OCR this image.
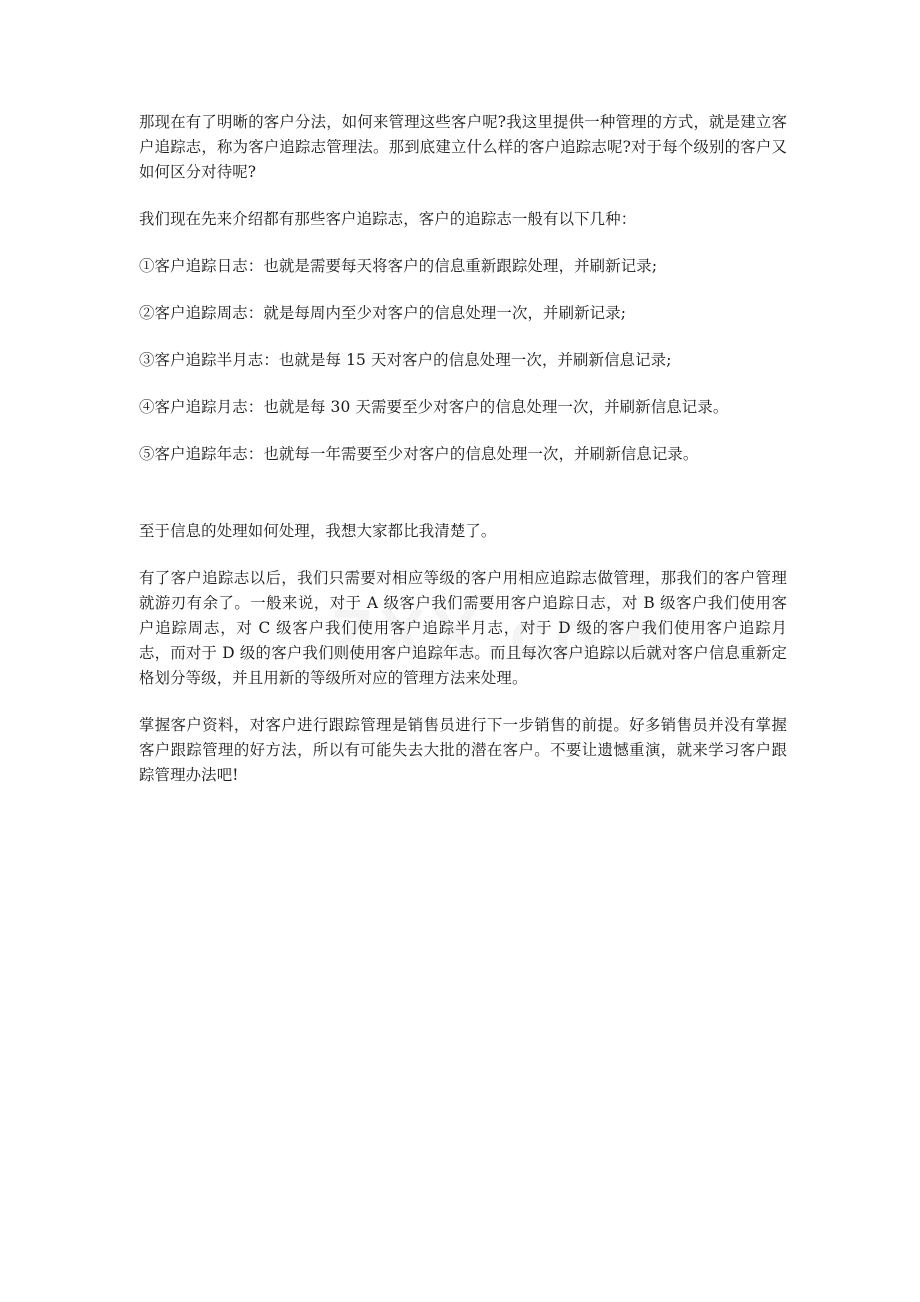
那现在有了明晰的客户分法，如何来管理这些客户呢?我这里提供一种管理的方式，就是建立客户追踪志，称为客户追踪志管理法。那到底建立什么样的客户追踪志呢?对于每个级别的客户又如何区分对待呢?

我们现在先来介绍都有那些客户追踪志，客户的追踪志一般有以下几种：

①客户追踪日志：也就是需要每天将客户的信息重新跟踪处理，并刷新记录;

②客户追踪周志：就是每周内至少对客户的信息处理一次，并刷新记录;

③客户追踪半月志：也就是每 15 天对客户的信息处理一次，并刷新信息记录;

④客户追踪月志：也就是每 30 天需要至少对客户的信息处理一次，并刷新信息记录。

⑤客户追踪年志：也就每一年需要至少对客户的信息处理一次，并刷新信息记录。

至于信息的处理如何处理，我想大家都比我清楚了。

有了客户追踪志以后，我们只需要对相应等级的客户用相应追踪志做管理，那我们的客户管理就游刃有余了。一般来说，对于 A 级客户我们需要用客户追踪日志，对 B 级客户我们使用客户追踪周志，对 C 级客户我们使用客户追踪半月志，对于 D 级的客户我们使用客户追踪月志，而对于 D 级的客户我们则使用客户追踪年志。而且每次客户追踪以后就对客户信息重新定格划分等级，并且用新的等级所对应的管理方法来处理。

掌握客户资料，对客户进行跟踪管理是销售员进行下一步销售的前提。好多销售员并没有掌握客户跟踪管理的好方法，所以有可能失去大批的潜在客户。不要让遗憾重演，就来学习客户跟踪管理办法吧!
